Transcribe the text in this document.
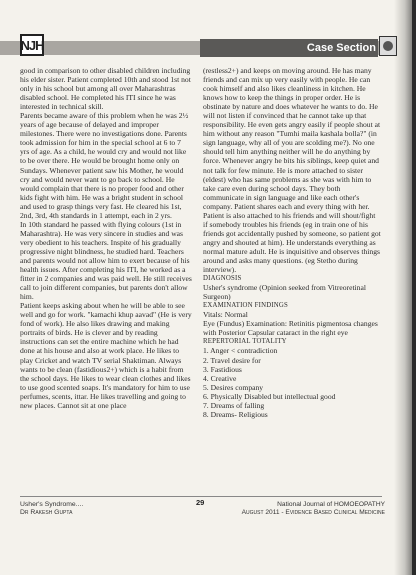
NJH	Case Section

good in comparison to other disabled children including his elder sister. Patient completed 10th and stood 1st not only in his school but among all over Maharashtras disabled school. He completed his ITI since he was interested in technical skill.

Parents became aware of this problem when he was 2½ years of age because of delayed and improper milestones. There were no investigations done. Parents took admission for him in the special school at 6 to 7 yrs of age. As a child, he would cry and would not like to be over there. He would be brought home only on Sundays. Whenever patient saw his Mother, he would cry and would never want to go back to school. He would complain that there is no proper food and other kids fight with him. He was a bright student in school and used to grasp things very fast. He cleared his 1st, 2nd, 3rd, 4th standards in 1 attempt, each in 2 yrs.

In 10th standard he passed with flying colours (1st in Maharashtra). He was very sincere in studies and was very obedient to his teachers. Inspite of his gradually progressive night blindness, he studied hard. Teachers and parents would not allow him to exert because of his health issues. After completing his ITI, he worked as a fitter in 2 companies and was paid well. He still receives call to join different companies, but parents don't allow him.

Patient keeps asking about when he will be able to see well and go for work. "kamachi khup aavad" (He is very fond of work). He also likes drawing and making portraits of birds. He is clever and by reading instructions can set the entire machine which he had done at his house and also at work place. He likes to play Cricket and watch TV serial Shaktiman. Always wants to be clean (fastidious2+) which is a habit from the school days. He likes to wear clean clothes and likes to use good scented soaps. It's mandatory for him to use perfumes, scents, ittar. He likes travelling and going to new places. Cannot sit at one place

(restless2+) and keeps on moving around. He has many friends and can mix up very easily with people. He can cook himself and also likes cleanliness in kitchen. He knows how to keep the things in proper order. He is obstinate by nature and does whatever he wants to do. He will not listen if convinced that he cannot take up that responsibility. He even gets angry easily if people shout at him without any reason "Tumhi maila kashala bolla?" (in sign language, why all of you are scolding me?). No one should tell him anything neither will he do anything by force. Whenever angry he bits his siblings, keep quiet and not talk for few minute. He is more attached to sister (eldest) who has same problems as she was with him to take care even during school days. They both communicate in sign language and like each other's company. Patient shares each and every thing with her. Patient is also attached to his friends and will shout/fight if somebody troubles his friends (eg in train one of his friends got accidentally pushed by someone, so patient got angry and shouted at him). He understands everything as normal mature adult. He is inquisitive and observes things around and asks many questions. (eg Stetho during interview).

DIAGNOSIS

Usher's syndrome (Opinion seeked from Vitreoretinal Surgeon)

EXAMINATION FINDINGS

Vitals: Normal

Eye (Fundus) Examination: Retinitis pigmentosa changes with Posterior Capsular cataract in the right eye

REPERTORIAL TOTALITY

1. Anger < contradiction
2. Travel desire for
3. Fastidious
4. Creative
5. Desires company
6. Physically Disabled but intellectual good
7. Dreams of falling
8. Dreams- Religious
Usher's Syndrome....
Dr Rakesh Gupta
29	National Journal of HOMOEOPATHY
August 2011 - Evidence Based Clinical Medicine
